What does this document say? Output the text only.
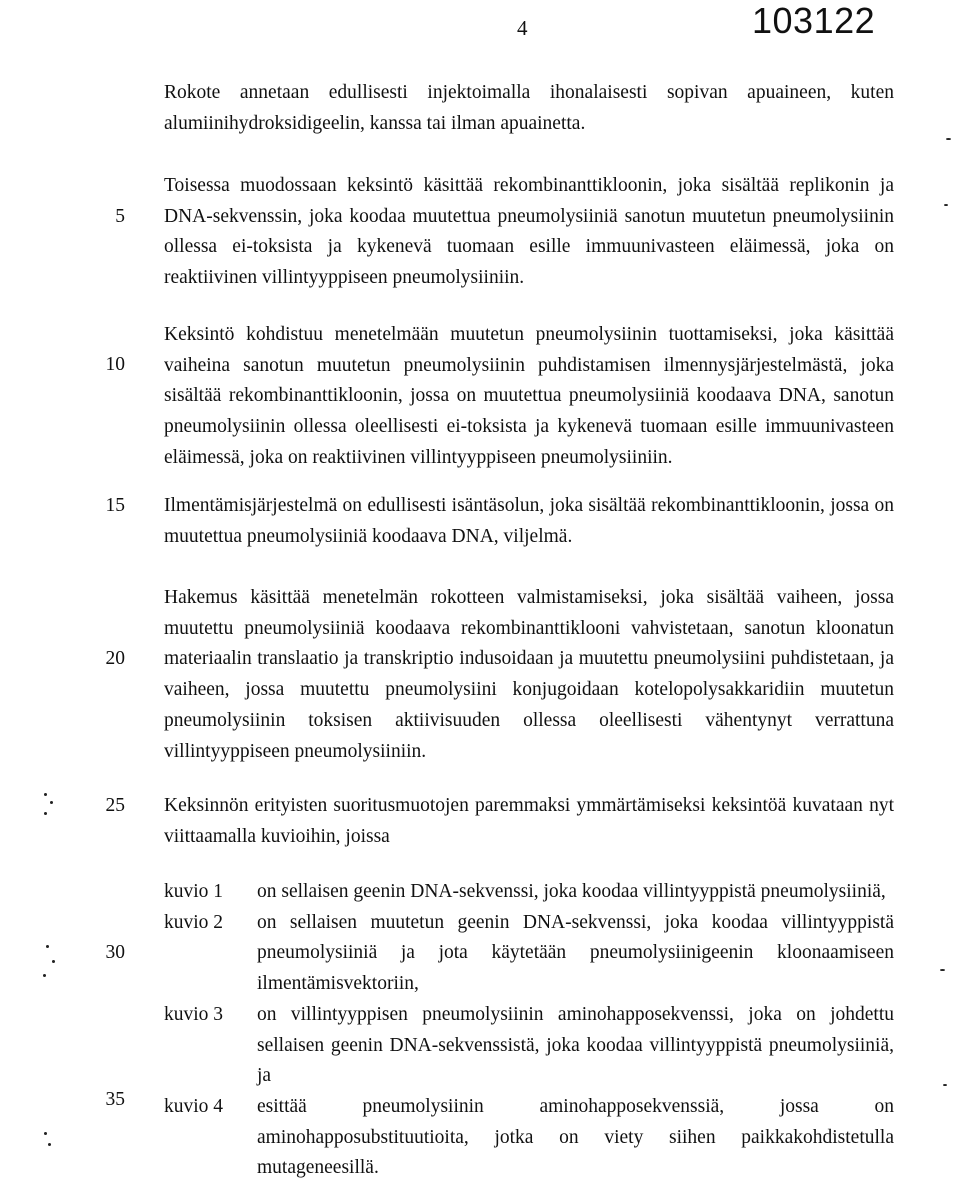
4	103122

Rokote annetaan edullisesti injektoimalla ihonalaisesti sopivan apuaineen, kuten alumiinihydroksidigeelin, kanssa tai ilman apuainetta.

Toisessa muodossaan keksintö käsittää rekombinanttikloonin, joka sisältää replikonin ja DNA-sekvenssin, joka koodaa muutettua pneumolysiiniä sanotun muutetun pneumolysiinin ollessa ei-toksista ja kykenevä tuomaan esille immuunivasteen eläimessä, joka on reaktiivinen villintyyppiseen pneumolysiiniin.

Keksintö kohdistuu menetelmään muutetun pneumolysiinin tuottamiseksi, joka käsittää vaiheina sanotun muutetun pneumolysiinin puhdistamisen ilmennysjärjestelmästä, joka sisältää rekombinanttikloonin, jossa on muutettua pneumolysiiniä koodaava DNA, sanotun pneumolysiinin ollessa oleellisesti ei-toksista ja kykenevä tuomaan esille immuunivasteen eläimessä, joka on reaktiivinen villintyyppiseen pneumolysiiniin.

Ilmentämisjärjestelmä on edullisesti isäntäsolun, joka sisältää rekombinanttikloonin, jossa on muutettua pneumolysiiniä koodaava DNA, viljelmä.

Hakemus käsittää menetelmän rokotteen valmistamiseksi, joka sisältää vaiheen, jossa muutettu pneumolysiiniä koodaava rekombinanttiklooni vahvistetaan, sanotun kloonatun materiaalin translaatio ja transkriptio indusoidaan ja muutettu pneumolysiini puhdistetaan, ja vaiheen, jossa muutettu pneumolysiini konjugoidaan kotelopolysakkaridiin muutetun pneumolysiinin toksisen aktiivisuuden ollessa oleellisesti vähentynyt verrattuna villintyyppiseen pneumolysiiniin.

Keksinnön erityisten suoritusmuotojen paremmaksi ymmärtämiseksi keksintöä kuvataan nyt viittaamalla kuvioihin, joissa

5
10
15
20
25
30
35
kuvio 1	on sellaisen geenin DNA-sekvenssi, joka koodaa villintyyppistä pneumolysiiniä,
kuvio 2	on sellaisen muutetun geenin DNA-sekvenssi, joka koodaa villintyyppistä pneumolysiiniä ja jota käytetään pneumolysiinigeenin kloonaamiseen ilmentämisvektoriin,
kuvio 3	on villintyyppisen pneumolysiinin aminohapposekvenssi, joka on johdettu sellaisen geenin DNA-sekvenssistä, joka koodaa villintyyppistä pneumolysiiniä, ja
kuvio 4	esittää pneumolysiinin aminohapposekvenssiä, jossa on aminohapposubstituutioita, jotka on viety siihen paikkakohdistetulla mutageneesillä.
